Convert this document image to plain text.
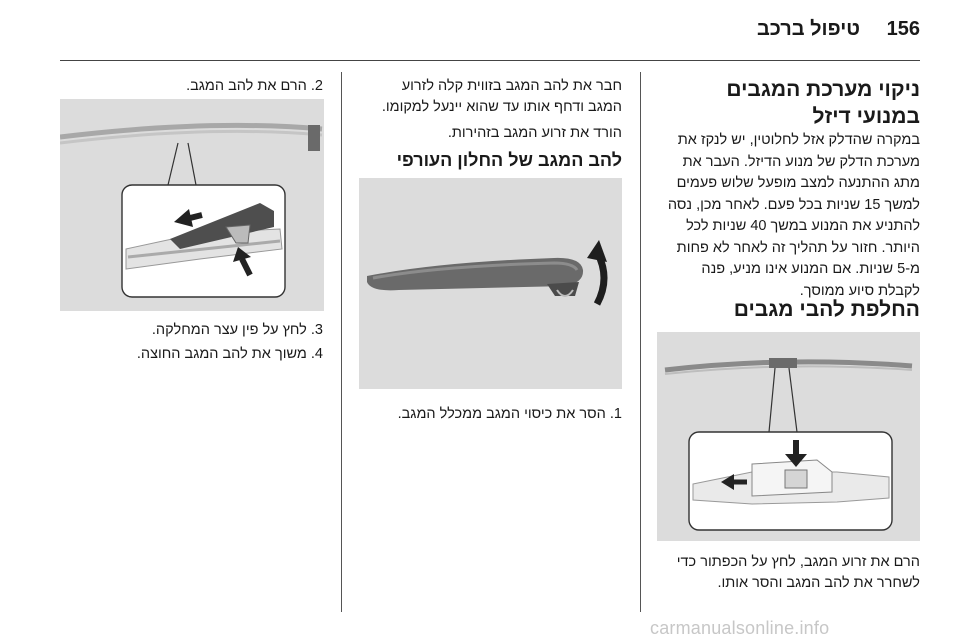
156
טיפול ברכב
ניקוי מערכת המגבים
במנועי דיזל
במקרה שהדלק אזל לחלוטין, יש לנקז את
מערכת הדלק של מנוע הדיזל. העבר את
מתג ההתנעה למצב מופעל שלוש פעמים
למשך 15 שניות בכל פעם. לאחר מכן, נסה
להתניע את המנוע במשך 40 שניות לכל
היותר. חזור על תהליך זה לאחר לא פחות
מ-5 שניות. אם המנוע אינו מניע, פנה
לקבלת סיוע ממוסך.
החלפת להבי מגבים
הרם את זרוע המגב, לחץ על הכפתור כדי
לשחרר את להב המגב והסר אותו.
חבר את להב המגב בזווית קלה לזרוע
המגב ודחף אותו עד שהוא יינעל למקומו.
הורד את זרוע המגב בזהירות.
להב המגב של החלון העורפי
1. הסר את כיסוי המגב ממכלל המגב.
2. הרם את להב המגב.
3. לחץ על פין עצר המחלקה.
4. משוך את להב המגב החוצה.
carmanualsonline.info
